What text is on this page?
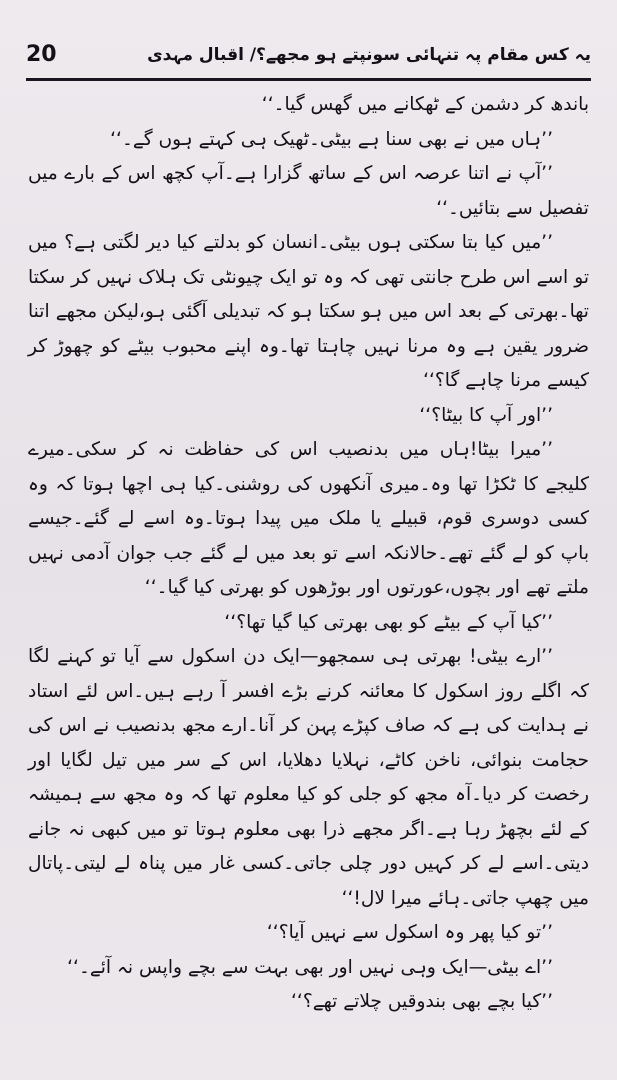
20	یہ کس مقام پہ تنہائی سونپتے ہو مجھے؟/ اقبال مہدی

باندھ کر دشمن کے ٹھکانے میں گھس گیا۔‘‘

’’ہاں میں نے بھی سنا ہے بیٹی۔ٹھیک ہی کہتے ہوں گے۔‘‘

’’آپ نے اتنا عرصہ اس کے ساتھ گزارا ہے۔آپ کچھ اس کے بارے میں تفصیل سے بتائیں۔‘‘

’’میں کیا بتا سکتی ہوں بیٹی۔انسان کو بدلتے کیا دیر لگتی ہے؟ میں تو اسے اس طرح جانتی تھی کہ وہ تو ایک چیونٹی تک ہلاک نہیں کر سکتا تھا۔بھرتی کے بعد اس میں ہو سکتا ہو کہ تبدیلی آگئی ہو،لیکن مجھے اتنا ضرور یقین ہے وہ مرنا نہیں چاہتا تھا۔وہ اپنے محبوب بیٹے کو چھوڑ کر کیسے مرنا چاہے گا؟‘‘

’’اور آپ کا بیٹا؟‘‘

’’میرا بیٹا!ہاں میں بدنصیب اس کی حفاظت نہ کر سکی۔میرے کلیجے کا ٹکڑا تھا وہ۔میری آنکھوں کی روشنی۔کیا ہی اچھا ہوتا کہ وہ کسی دوسری قوم، قبیلے یا ملک میں پیدا ہوتا۔وہ اسے لے گئے۔جیسے باپ کو لے گئے تھے۔حالانکہ اسے تو بعد میں لے گئے جب جوان آدمی نہیں ملتے تھے اور بچوں،عورتوں اور بوڑھوں کو بھرتی کیا گیا۔‘‘

’’کیا آپ کے بیٹے کو بھی بھرتی کیا گیا تھا؟‘‘

’’ارے بیٹی! بھرتی ہی سمجھو—ایک دن اسکول سے آیا تو کہنے لگا کہ اگلے روز اسکول کا معائنہ کرنے بڑے افسر آ رہے ہیں۔اس لئے استاد نے ہدایت کی ہے کہ صاف کپڑے پہن کر آنا۔ارے مجھ بدنصیب نے اس کی حجامت بنوائی، ناخن کاٹے، نہلایا دھلایا، اس کے سر میں تیل لگایا اور رخصت کر دیا۔آہ مجھ کو جلی کو کیا معلوم تھا کہ وہ مجھ سے ہمیشہ کے لئے بچھڑ رہا ہے۔اگر مجھے ذرا بھی معلوم ہوتا تو میں کبھی نہ جانے دیتی۔اسے لے کر کہیں دور چلی جاتی۔کسی غار میں پناہ لے لیتی۔پاتال میں چھپ جاتی۔ہائے میرا لال!‘‘

’’تو کیا پھر وہ اسکول سے نہیں آیا؟‘‘

’’اے بیٹی—ایک وہی نہیں اور بھی بہت سے بچے واپس نہ آئے۔‘‘

’’کیا بچے بھی بندوقیں چلاتے تھے؟‘‘
